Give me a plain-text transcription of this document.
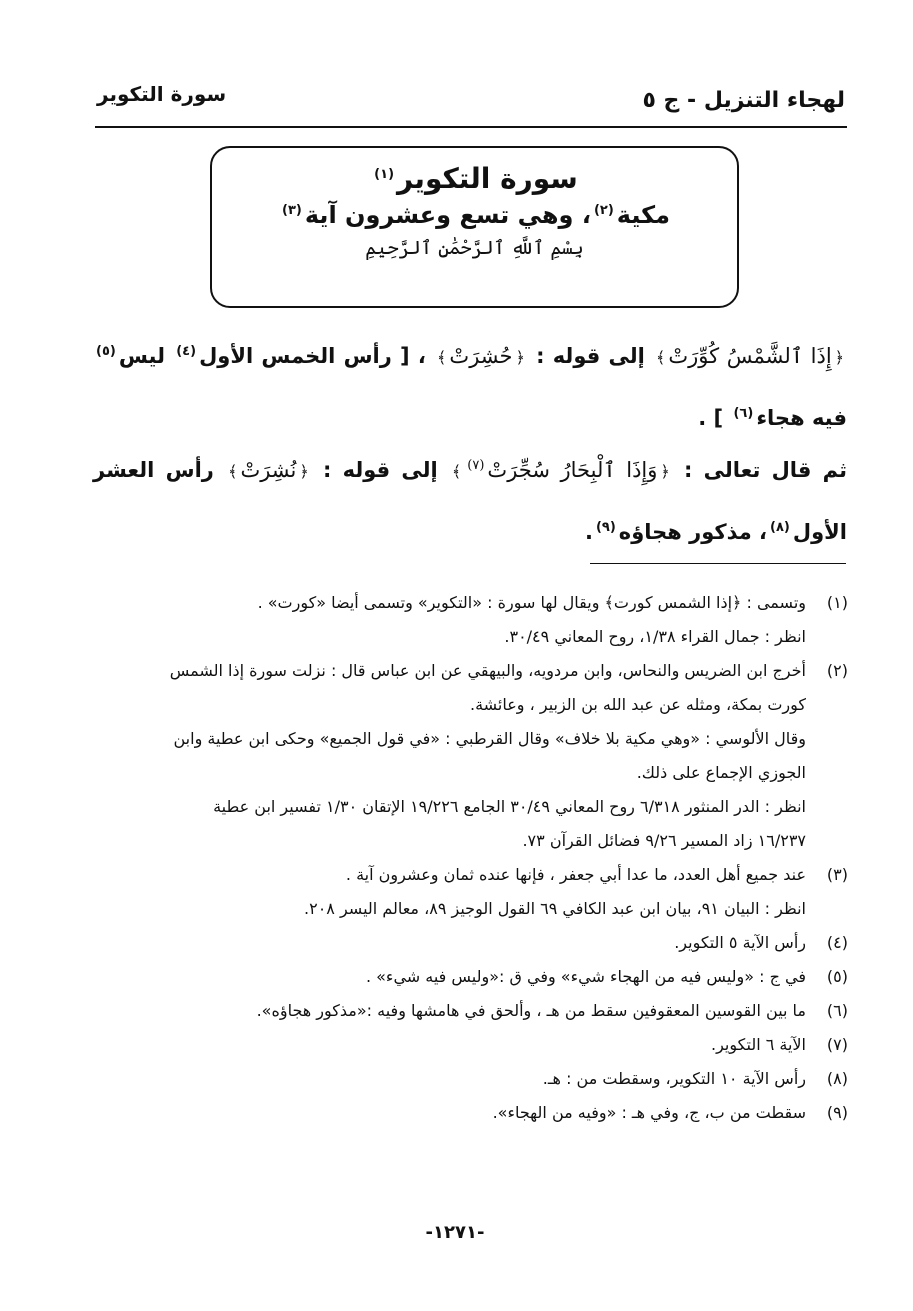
لهجاء التنزيل - ج ٥
سورة التكوير
سورة التكوير$^{(١)}$
مكية$^{(٢)}$، وهي تسع وعشرون آية$^{(٣)}$
بِسْمِ ٱللَّهِ ٱلرَّحْمَٰنِ ٱلرَّحِيمِ
﴿إِذَا ٱلشَّمْسُ كُوِّرَتْ﴾ إلى قوله : ﴿حُشِرَتْ﴾ ، [ رأس الخمس الأول$^{(٤)}$ ليس$^{(٥)}$ فيه هجاء$^{(٦)}$ ] .
ثم قال تعالى : ﴿وَإِذَا ٱلْبِحَارُ سُجِّرَتْ$^{(٧)}$﴾ إلى قوله : ﴿نُشِرَتْ﴾ رأس العشر الأول$^{(٨)}$، مذكور هجاؤه$^{(٩)}$.
(١)
وتسمى : ﴿إذا الشمس كورت﴾ ويقال لها سورة : «التكوير» وتسمى أيضا «كورت» .
انظر : جمال القراء ١/٣٨، روح المعاني ٣٠/٤٩.
(٢)
أخرج ابن الضريس والنحاس، وابن مردويه، والبيهقي عن ابن عباس قال : نزلت سورة إذا الشمس
كورت بمكة، ومثله عن عبد الله بن الزبير ، وعائشة.
وقال الألوسي : «وهي مكية بلا خلاف» وقال القرطبي : «في قول الجميع» وحكى ابن عطية وابن
الجوزي الإجماع على ذلك.
انظر : الدر المنثور ٦/٣١٨ روح المعاني ٣٠/٤٩ الجامع ١٩/٢٢٦ الإتقان ١/٣٠ تفسير ابن عطية
١٦/٢٣٧ زاد المسير ٩/٢٦ فضائل القرآن ٧٣.
(٣)
عند جميع أهل العدد، ما عدا أبي جعفر ، فإنها عنده ثمان وعشرون آية .
انظر : البيان ٩١، بيان ابن عبد الكافي ٦٩ القول الوجيز ٨٩، معالم اليسر ٢٠٨.
(٤)
رأس الآية ٥ التكوير.
(٥)
في ج : «وليس فيه من الهجاء شيء» وفي ق :«وليس فيه شيء» .
(٦)
ما بين القوسين المعقوفين سقط من هـ ، وألحق في هامشها وفيه :«مذكور هجاؤه».
(٧)
الآية ٦ التكوير.
(٨)
رأس الآية ١٠ التكوير، وسقطت من : هـ.
(٩)
سقطت من ب، ج، وفي هـ : «وفيه من الهجاء».
-١٢٧١-
